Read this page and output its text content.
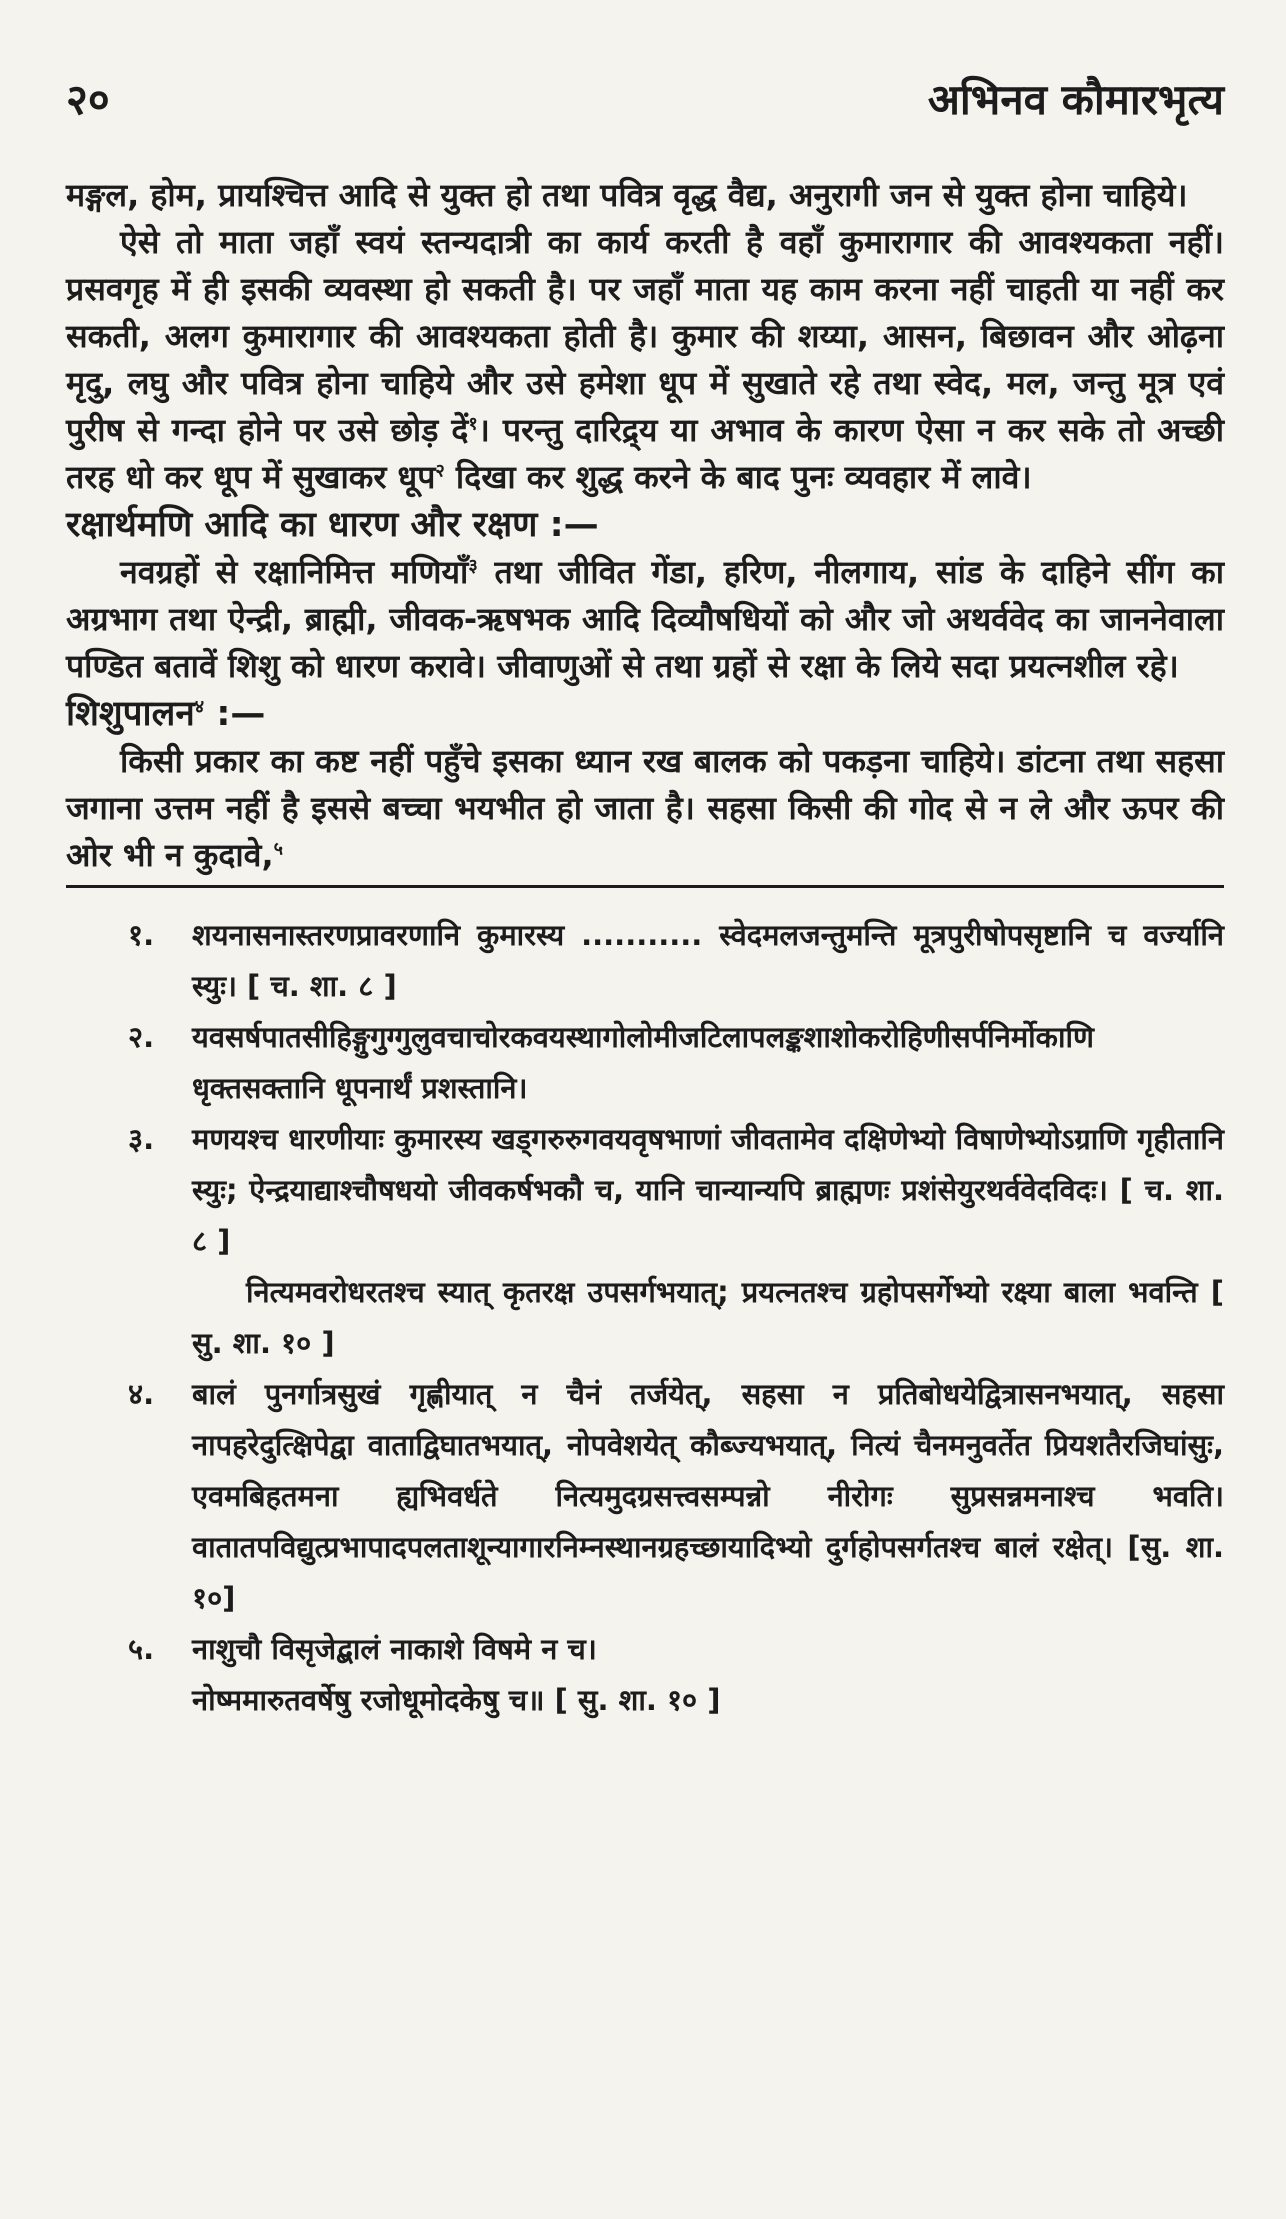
२०	अभिनव कौमारभृत्य

मङ्गल, होम, प्रायश्चित्त आदि से युक्त हो तथा पवित्र वृद्ध वैद्य, अनुरागी जन से युक्त होना चाहिये।

ऐसे तो माता जहाँ स्वयं स्तन्यदात्री का कार्य करती है वहाँ कुमारागार की आवश्यकता नहीं। प्रसवगृह में ही इसकी व्यवस्था हो सकती है। पर जहाँ माता यह काम करना नहीं चाहती या नहीं कर सकती, अलग कुमारागार की आवश्यकता होती है। कुमार की शय्या, आसन, बिछावन और ओढ़ना मृदु, लघु और पवित्र होना चाहिये और उसे हमेशा धूप में सुखाते रहे तथा स्वेद, मल, जन्तु मूत्र एवं पुरीष से गन्दा होने पर उसे छोड़ दें$^१$। परन्तु दारिद्र्य या अभाव के कारण ऐसा न कर सके तो अच्छी तरह धो कर धूप में सुखाकर धूप$^२$ दिखा कर शुद्ध करने के बाद पुनः व्यवहार में लावे।

रक्षार्थमणि आदि का धारण और रक्षण :—

नवग्रहों से रक्षानिमित्त मणियाँ$^३$ तथा जीवित गेंडा, हरिण, नीलगाय, सांड के दाहिने सींग का अग्रभाग तथा ऐन्द्री, ब्राह्मी, जीवक-ऋषभक आदि दिव्यौषधियों को और जो अथर्ववेद का जाननेवाला पण्डित बतावें शिशु को धारण करावे। जीवाणुओं से तथा ग्रहों से रक्षा के लिये सदा प्रयत्नशील रहे।

शिशुपालन$^४$ :—

किसी प्रकार का कष्ट नहीं पहुँचे इसका ध्यान रख बालक को पकड़ना चाहिये। डांटना तथा सहसा जगाना उत्तम नहीं है इससे बच्चा भयभीत हो जाता है। सहसा किसी की गोद से न ले और ऊपर की ओर भी न कुदावे,$^५$

१.	शयनासनास्तरणप्रावरणानि कुमारस्य ........... स्वेदमलजन्तुमन्ति मूत्रपुरीषोपसृष्टानि च वर्ज्यानि स्युः। [ च. शा. ८ ]
२.	यवसर्षपातसीहिङ्गुगुग्गुलुवचाचोरकवयस्थागोलोमीजटिलापलङ्कशाशोकरोहिणीसर्पनिर्मोकाणि धृक्तसक्तानि धूपनार्थं प्रशस्तानि।
३.	मणयश्च धारणीयाः कुमारस्य खड्गरुरुगवयवृषभाणां जीवतामेव दक्षिणेभ्यो विषाणेभ्योऽग्राणि गृहीतानि स्युः; ऐन्द्रयाद्याश्चौषधयो जीवकर्षभकौ च, यानि चान्यान्यपि ब्राह्मणः प्रशंसेयुरथर्ववेदविदः। [ च. शा. ८ ]
नित्यमवरोधरतश्च स्यात् कृतरक्ष उपसर्गभयात्; प्रयत्नतश्च ग्रहोपसर्गेभ्यो रक्ष्या बाला भवन्ति [ सु. शा. १० ]
४.	बालं पुनर्गात्रसुखं गृह्णीयात् न चैनं तर्जयेत्, सहसा न प्रतिबोधयेद्वित्रासनभयात्, सहसा नापहरेदुत्क्षिपेद्वा वाताद्विघातभयात्, नोपवेशयेत् कौब्ज्यभयात्, नित्यं चैनमनुवर्तेत प्रियशतैरजिघांसुः, एवमबिहतमना ह्यभिवर्धते नित्यमुदग्रसत्त्वसम्पन्नो नीरोगः सुप्रसन्नमनाश्च भवति। वातातपविद्युत्प्रभापादपलताशून्यागारनिम्नस्थानग्रहच्छायादिभ्यो दुर्गहोपसर्गतश्च बालं रक्षेत्। [सु. शा. १०]
५.	नाशुचौ विसृजेद्बालं नाकाशे विषमे न च।
नोष्ममारुतवर्षेषु रजोधूमोदकेषु च॥ [ सु. शा. १० ]
